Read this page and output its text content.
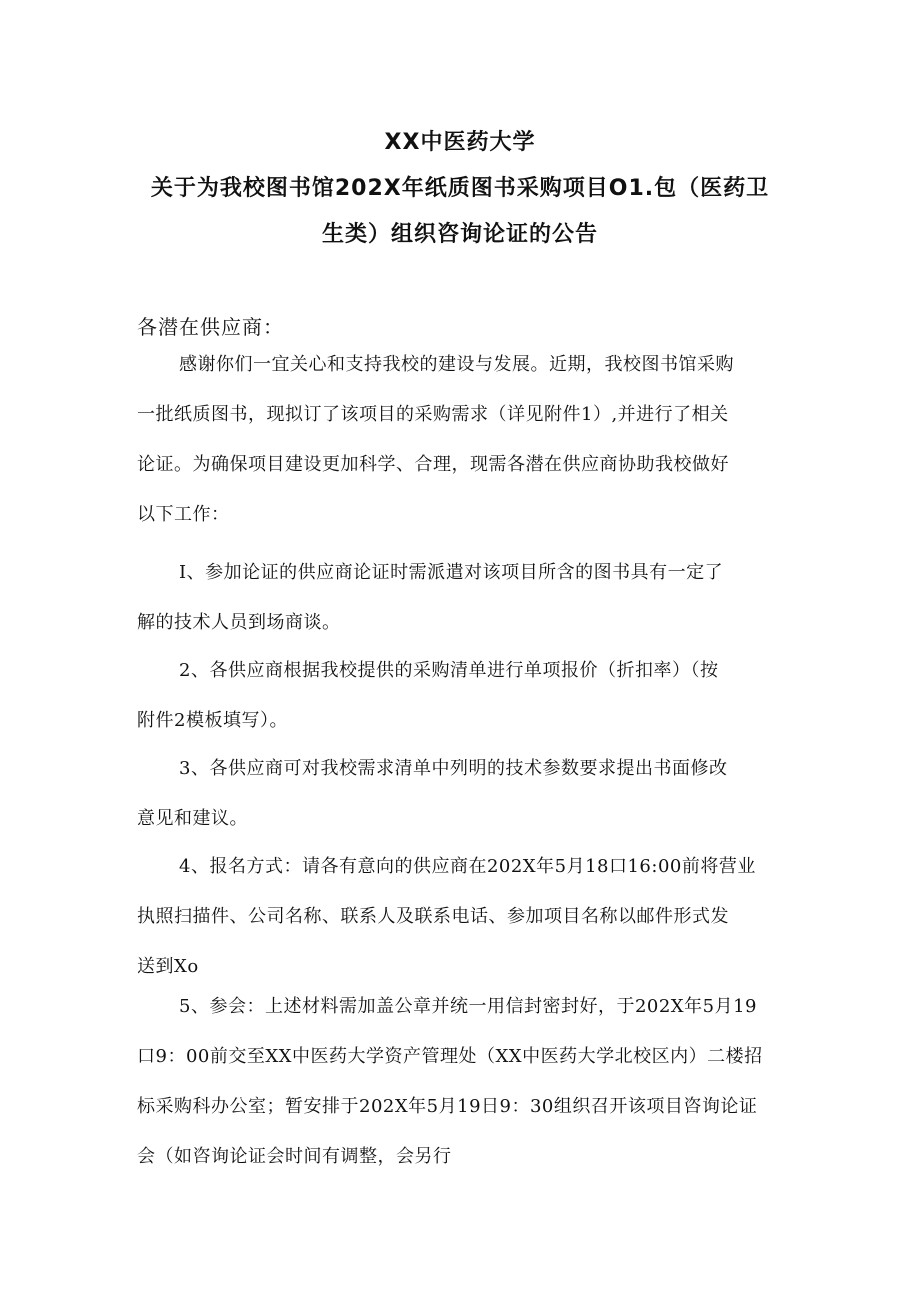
XX中医药大学
关于为我校图书馆202X年纸质图书采购项目O1.包（医药卫
生类）组织咨询论证的公告
各潜在供应商：
感谢你们一宜关心和支持我校的建设与发展。近期，我校图书馆采购
一批纸质图书，现拟订了该项目的采购需求（详见附件1）,并进行了相关
论证。为确保项目建设更加科学、合理，现需各潜在供应商协助我校做好
以下工作：
I、参加论证的供应商论证时需派遣对该项目所含的图书具有一定了
解的技术人员到场商谈。
2、各供应商根据我校提供的采购清单进行单项报价（折扣率）（按
附件2模板填写）。
3、各供应商可对我校需求清单中列明的技术参数要求提出书面修改
意见和建议。
4、报名方式：请各有意向的供应商在202X年5月18口16:00前将营业
执照扫描件、公司名称、联系人及联系电话、参加项目名称以邮件形式发
送到Xo
5、参会：上述材料需加盖公章并统一用信封密封好，于202X年5月19
口9：00前交至XX中医药大学资产管理处（XX中医药大学北校区内）二楼招
标采购科办公室；暂安排于202X年5月19日9：30组织召开该项目咨询论证
会（如咨询论证会时间有调整，会另行
